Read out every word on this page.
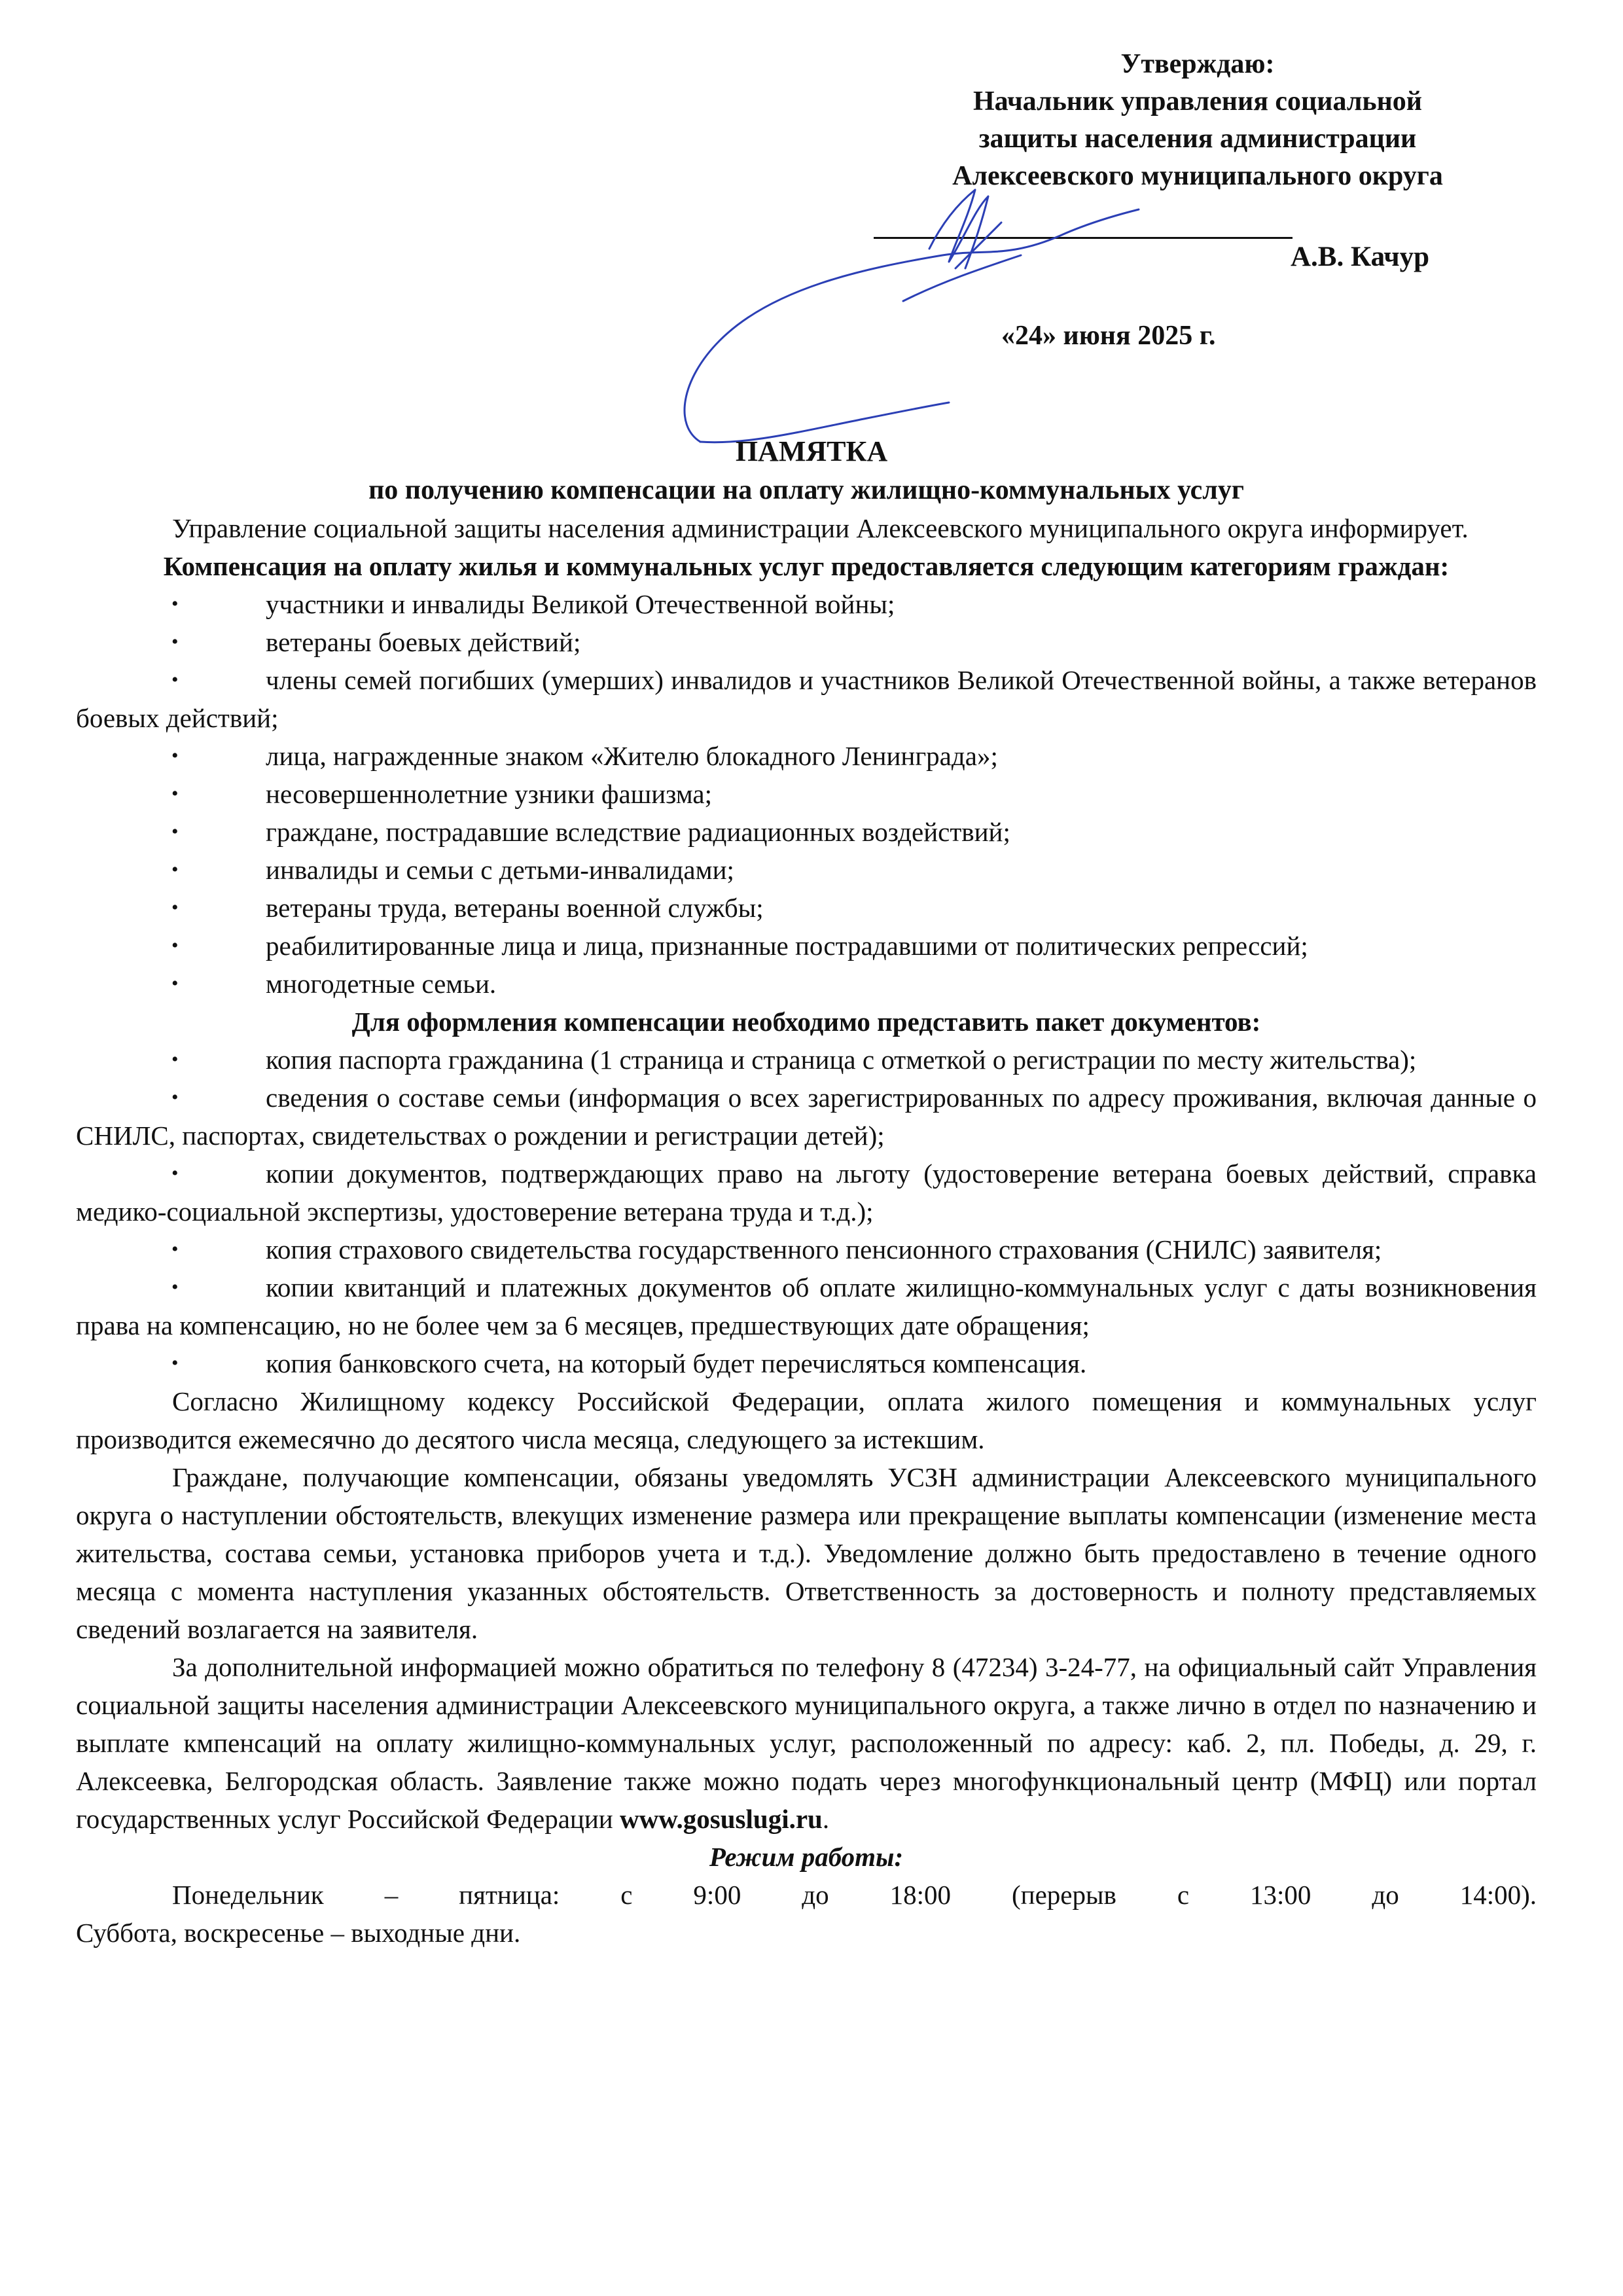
Утверждаю:
Начальник управления социальной
защиты населения администрации
Алексеевского муниципального округа
А.В. Качур
«24» июня 2025 г.
ПАМЯТКА
по получению компенсации на оплату жилищно-коммунальных услуг

Управление социальной защиты населения администрации Алексеевского муниципального округа информирует.

Компенсация на оплату жилья и коммунальных услуг предоставляется следующим категориям граждан:
•	участники и инвалиды Великой Отечественной войны;
•	ветераны боевых действий;
•	члены семей погибших (умерших) инвалидов и участников Великой Отечественной войны, а также ветеранов боевых действий;
•	лица, награжденные знаком «Жителю блокадного Ленинграда»;
•	несовершеннолетние узники фашизма;
•	граждане, пострадавшие вследствие радиационных воздействий;
•	инвалиды и семьи с детьми-инвалидами;
•	ветераны труда, ветераны военной службы;
•	реабилитированные лица и лица, признанные пострадавшими от политических репрессий;
•	многодетные семьи.
Для оформления компенсации необходимо представить пакет документов:
•	копия паспорта гражданина (1 страница и страница с отметкой о регистрации по месту жительства);
•	сведения о составе семьи (информация о всех зарегистрированных по адресу проживания, включая данные о СНИЛС, паспортах, свидетельствах о рождении и регистрации детей);
•	копии документов, подтверждающих право на льготу (удостоверение ветерана боевых действий, справка медико-социальной экспертизы, удостоверение ветерана труда и т.д.);
•	копия страхового свидетельства государственного пенсионного страхования (СНИЛС) заявителя;
•	копии квитанций и платежных документов об оплате жилищно-коммунальных услуг с даты возникновения права на компенсацию, но не более чем за 6 месяцев, предшествующих дате обращения;
•	копия банковского счета, на который будет перечисляться компенсация.

Согласно Жилищному кодексу Российской Федерации, оплата жилого помещения и коммунальных услуг производится ежемесячно до десятого числа месяца, следующего за истекшим.

Граждане, получающие компенсации, обязаны уведомлять УСЗН администрации Алексеевского муниципального округа о наступлении обстоятельств, влекущих изменение размера или прекращение выплаты компенсации (изменение места жительства, состава семьи, установка приборов учета и т.д.). Уведомление должно быть предоставлено в течение одного месяца с момента наступления указанных обстоятельств. Ответственность за достоверность и полноту представляемых сведений возлагается на заявителя.

За дополнительной информацией можно обратиться по телефону 8 (47234) 3-24-77, на официальный сайт Управления социальной защиты населения администрации Алексеевского муниципального округа, а также лично в отдел по назначению и выплате кмпенсаций на оплату жилищно-коммунальных услуг, расположенный по адресу: каб. 2, пл. Победы, д. 29, г. Алексеевка, Белгородская область. Заявление также можно подать через многофункциональный центр (МФЦ) или портал государственных услуг Российской Федерации www.gosuslugi.ru.

Режим работы:

Понедельник – пятница: с 9:00 до 18:00 (перерыв с 13:00 до 14:00).

Суббота, воскресенье – выходные дни.
